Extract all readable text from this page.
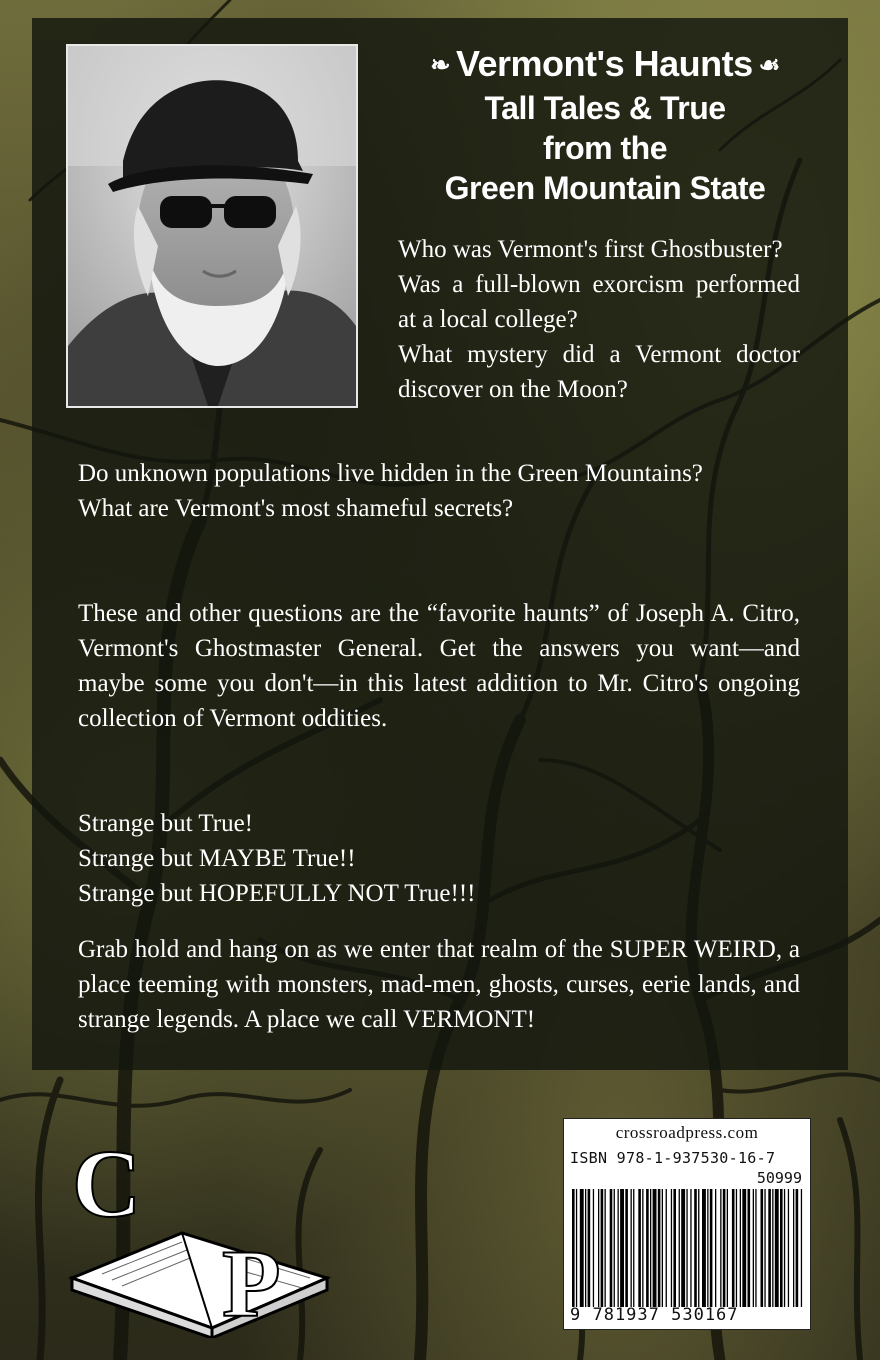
❧ Vermont's Haunts ☙
Tall Tales & True
from the
Green Mountain State
Who was Vermont's first Ghostbuster?
Was a full-blown exorcism performed at a local college?
What mystery did a Vermont doctor discover on the Moon?
Do unknown populations live hidden in the Green Mountains?
What are Vermont's most shameful secrets?

These and other questions are the “favorite haunts” of Joseph A. Citro, Vermont's Ghostmaster General. Get the answers you want—and maybe some you don't—in this latest addition to Mr. Citro's ongoing collection of Vermont oddities.

Strange but True!
Strange but MAYBE True!!
Strange but HOPEFULLY NOT True!!!

Grab hold and hang on as we enter that realm of the SUPER WEIRD, a place teeming with monsters, mad-men, ghosts, curses, eerie lands, and strange legends. A place we call VERMONT!

C
P
crossroadpress.com
ISBN 978-1-937530-16-7
50999
9 781937 530167
